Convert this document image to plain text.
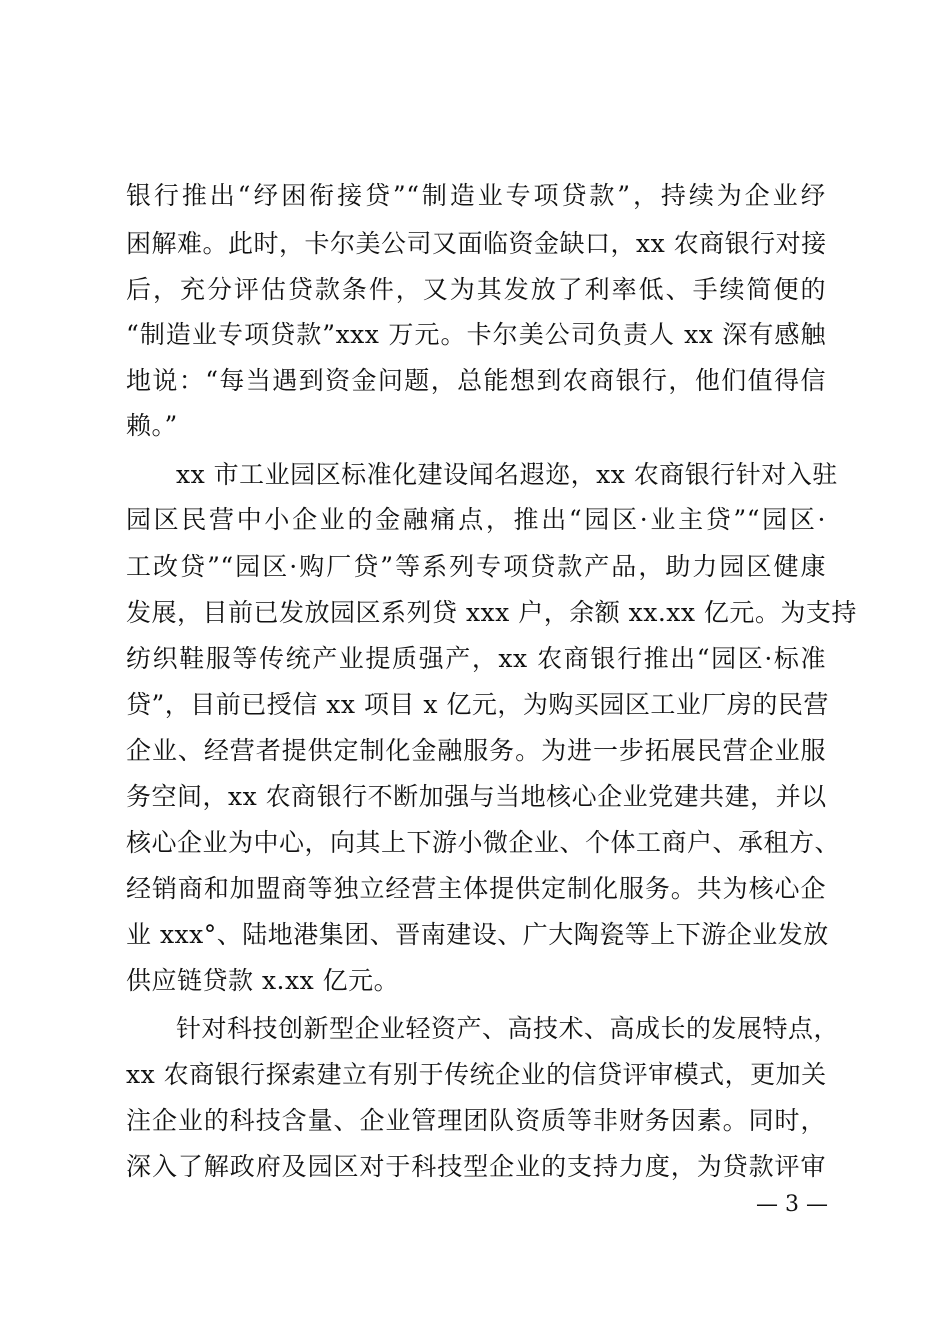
银行推出“纾困衔接贷”“制造业专项贷款”，持续为企业纾
困解难。此时，卡尔美公司又面临资金缺口，xx 农商银行对接
后，充分评估贷款条件，又为其发放了利率低、手续简便的
“制造业专项贷款”xxx 万元。卡尔美公司负责人 xx 深有感触
地说：“每当遇到资金问题，总能想到农商银行，他们值得信
赖。”
xx 市工业园区标准化建设闻名遐迩，xx 农商银行针对入驻
园区民营中小企业的金融痛点，推出“园区·业主贷”“园区·
工改贷”“园区·购厂贷”等系列专项贷款产品，助力园区健康
发展，目前已发放园区系列贷 xxx 户，余额 xx.xx 亿元。为支持
纺织鞋服等传统产业提质强产，xx 农商银行推出“园区·标准
贷”，目前已授信 xx 项目 x 亿元，为购买园区工业厂房的民营
企业、经营者提供定制化金融服务。为进一步拓展民营企业服
务空间，xx 农商银行不断加强与当地核心企业党建共建，并以
核心企业为中心，向其上下游小微企业、个体工商户、承租方、
经销商和加盟商等独立经营主体提供定制化服务。共为核心企
业 xxx°、陆地港集团、晋南建设、广大陶瓷等上下游企业发放
供应链贷款 x.xx 亿元。
针对科技创新型企业轻资产、高技术、高成长的发展特点，
xx 农商银行探索建立有别于传统企业的信贷评审模式，更加关
注企业的科技含量、企业管理团队资质等非财务因素。同时，
深入了解政府及园区对于科技型企业的支持力度，为贷款评审
— 3 —
